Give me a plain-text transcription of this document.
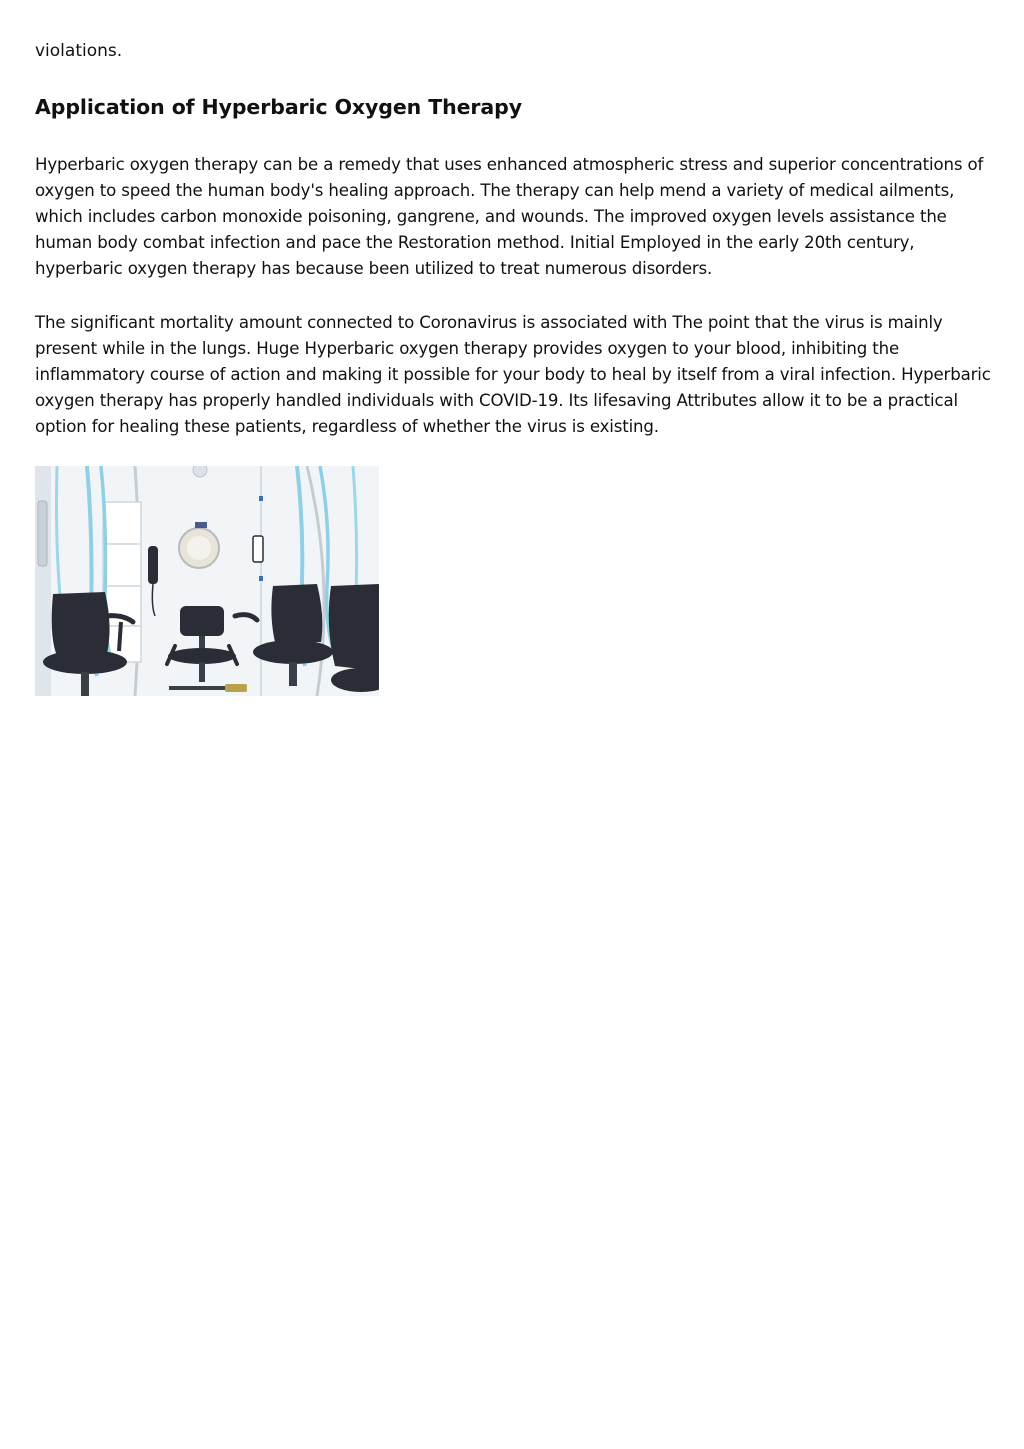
violations.

Application of Hyperbaric Oxygen Therapy

Hyperbaric oxygen therapy can be a remedy that uses enhanced atmospheric stress and superior concentrations of oxygen to speed the human body's healing approach. The therapy can help mend a variety of medical ailments, which includes carbon monoxide poisoning, gangrene, and wounds. The improved oxygen levels assistance the human body combat infection and pace the Restoration method. Initial Employed in the early 20th century, hyperbaric oxygen therapy has because been utilized to treat numerous disorders.

The significant mortality amount connected to Coronavirus is associated with The point that the virus is mainly present while in the lungs. Huge Hyperbaric oxygen therapy provides oxygen to your blood, inhibiting the inflammatory course of action and making it possible for your body to heal by itself from a viral infection. Hyperbaric oxygen therapy has properly handled individuals with COVID-19. Its lifesaving Attributes allow it to be a practical option for healing these patients, regardless of whether the virus is existing.
